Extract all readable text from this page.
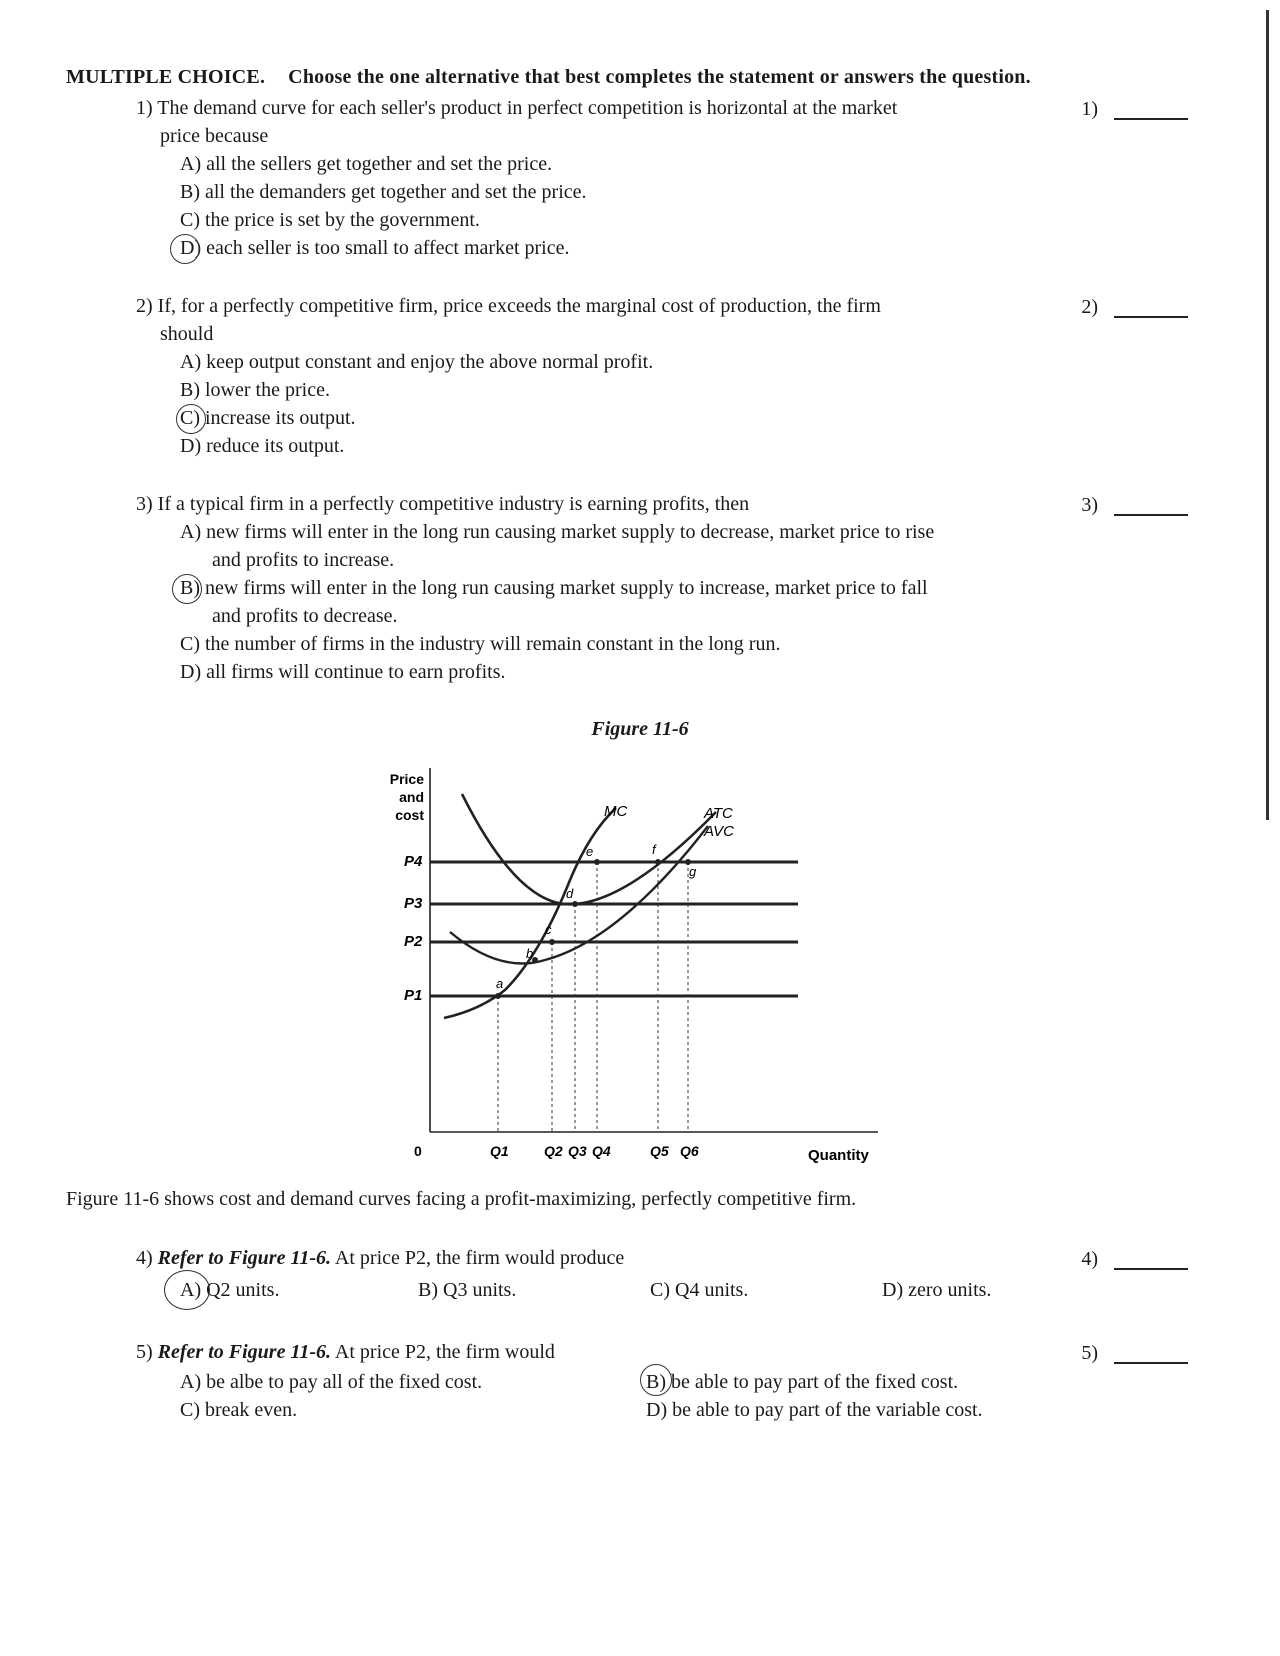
MULTIPLE CHOICE. Choose the one alternative that best completes the statement or answers the question.
1) The demand curve for each seller's product in perfect competition is horizontal at the market
price because
A) all the sellers get together and set the price.
B) all the demanders get together and set the price.
C) the price is set by the government.
D) each seller is too small to affect market price.
1)
2) If, for a perfectly competitive firm, price exceeds the marginal cost of production, the firm
should
A) keep output constant and enjoy the above normal profit.
B) lower the price.
C) increase its output.
D) reduce its output.
2)
3) If a typical firm in a perfectly competitive industry is earning profits, then
A) new firms will enter in the long run causing market supply to decrease, market price to rise
and profits to increase.
B) new firms will enter in the long run causing market supply to increase, market price to fall
and profits to decrease.
C) the number of firms in the industry will remain constant in the long run.
D) all firms will continue to earn profits.
3)
Figure 11-6
Price
and
cost
P4
P3
P2
P1
MC	ATC
AVC
a
b
c
d
e	f
g
0	Q1	Q2 Q3 Q4	Q5 Q6	Quantity
Figure 11-6 shows cost and demand curves facing a profit-maximizing, perfectly competitive firm.
4) Refer to Figure 11-6. At price P2, the firm would produce
A) Q2 units.	B) Q3 units.	C) Q4 units.	D) zero units.
4)
5) Refer to Figure 11-6. At price P2, the firm would
A) be albe to pay all of the fixed cost.	B) be able to pay part of the fixed cost.
C) break even.	D) be able to pay part of the variable cost.
5)
